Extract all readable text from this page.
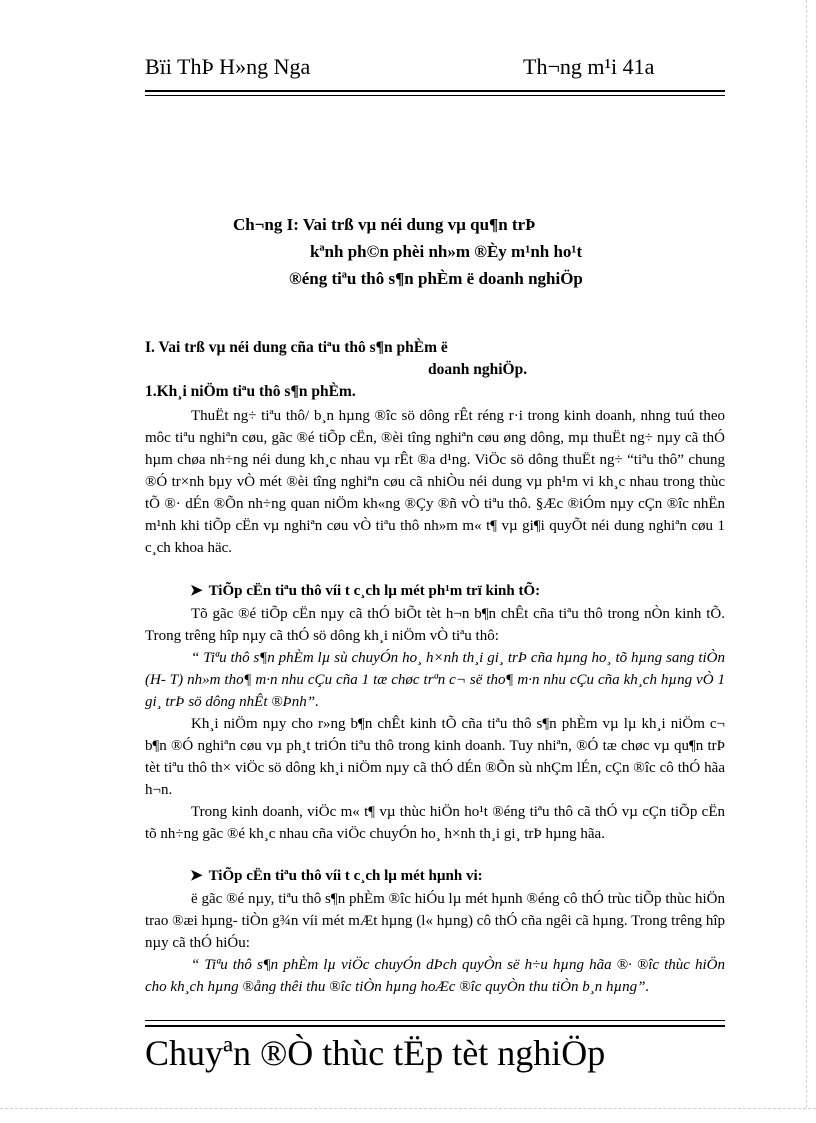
Bïi ThÞ H»ng Nga	Th¬ng m¹i 41a
Ch¬ng I: Vai trß vµ néi dung vµ qu¶n trÞ
kªnh ph©n phèi nh»m ®Èy m¹nh ho¹t
®éng tiªu thô s¶n phÈm ë doanh nghiÖp
I. Vai trß vµ néi dung cña tiªu thô s¶n phÈm ë
doanh nghiÖp.
1.Kh¸i niÖm tiªu thô s¶n phÈm.

ThuËt ng÷ tiªu thô/ b¸n hµng ®îc sö dông rÊt réng r·i trong kinh doanh, nhng tuú theo môc tiªu nghiªn cøu, gãc ®é tiÕp cËn, ®èi tîng nghiªn cøu øng dông, mµ thuËt ng÷ nµy cã thÓ hµm chøa nh÷ng néi dung kh¸c nhau vµ rÊt ®a d¹ng. ViÖc sö dông thuËt ng÷ “tiªu thô” chung ®Ó tr×nh bµy vÒ mét ®èi tîng nghiªn cøu cã nhiÒu néi dung vµ ph¹m vi kh¸c nhau trong thùc tÕ ®· dÉn ®Õn nh÷ng quan niÖm kh«ng ®Çy ®ñ vÒ tiªu thô. §Æc ®iÓm nµy cÇn ®îc nhËn m¹nh khi tiÕp cËn vµ nghiªn cøu vÒ tiªu thô nh»m m« t¶ vµ gi¶i quyÕt néi dung nghiªn cøu 1 c¸ch khoa häc.

➤ TiÕp cËn tiªu thô víi t c¸ch lµ mét ph¹m trï kinh tÕ:

Tõ gãc ®é tiÕp cËn nµy cã thÓ biÕt tèt h¬n b¶n chÊt cña tiªu thô trong nÒn kinh tÕ. Trong trêng hîp nµy cã thÓ sö dông kh¸i niÖm vÒ tiªu thô:

“ Tiªu thô s¶n phÈm lµ sù chuyÓn ho¸ h×nh th¸i gi¸ trÞ cña hµng ho¸ tõ hµng sang tiÒn (H- T) nh»m tho¶ m·n nhu cÇu cña 1 tæ chøc trªn c¬ së tho¶ m·n nhu cÇu cña kh¸ch hµng vÒ 1 gi¸ trÞ sö dông nhÊt ®Þnh”.

Kh¸i niÖm nµy cho r»ng b¶n chÊt kinh tÕ cña tiªu thô s¶n phÈm vµ lµ kh¸i niÖm c¬ b¶n ®Ó nghiªn cøu vµ ph¸t triÓn tiªu thô trong kinh doanh. Tuy nhiªn, ®Ó tæ chøc vµ qu¶n trÞ tèt tiªu thô th× viÖc sö dông kh¸i niÖm nµy cã thÓ dÉn ®Õn sù nhÇm lÉn, cÇn ®îc cô thÓ hãa h¬n.

Trong kinh doanh, viÖc m« t¶ vµ thùc hiÖn ho¹t ®éng tiªu thô cã thÓ vµ cÇn tiÕp cËn tõ nh÷ng gãc ®é kh¸c nhau cña viÖc chuyÓn ho¸ h×nh th¸i gi¸ trÞ hµng hãa.

➤ TiÕp cËn tiªu thô víi t c¸ch lµ mét hµnh vi:

ë gãc ®é nµy, tiªu thô s¶n phÈm ®îc hiÓu lµ mét hµnh ®éng cô thÓ trùc tiÕp thùc hiÖn trao ®æi hµng- tiÒn g¾n víi mét mÆt hµng (l« hµng) cô thÓ cña ngêi cã hµng. Trong trêng hîp nµy cã thÓ hiÓu:

“ Tiªu thô s¶n phÈm lµ viÖc chuyÓn dÞch quyÒn së h÷u hµng hãa ®· ®îc thùc hiÖn cho kh¸ch hµng ®ång thêi thu ®îc tiÒn hµng hoÆc ®îc quyÒn thu tiÒn b¸n hµng”.

Chuyªn ®Ò thùc tËp tèt nghiÖp
